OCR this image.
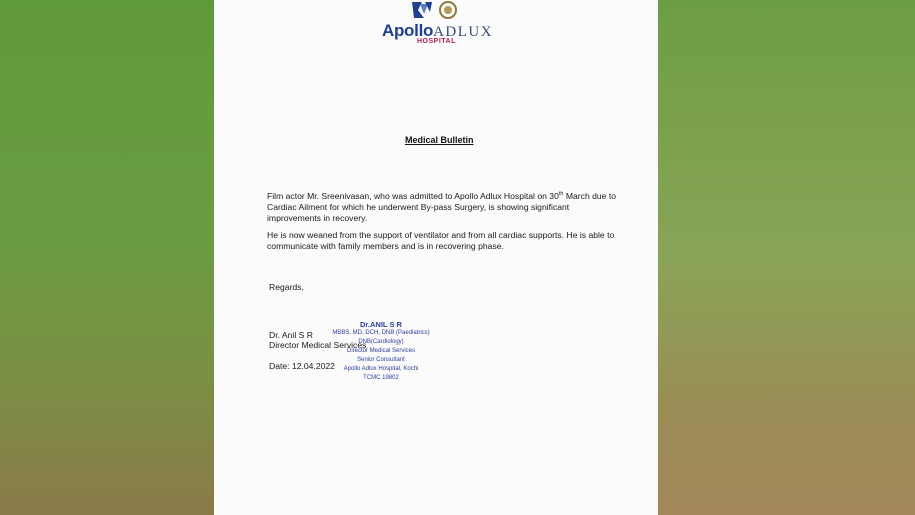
ApolloADLUX
HOSPITAL
Medical Bulletin
Film actor Mr. Sreenivasan, who was admitted to Apollo Adlux Hospital on 30th March due to Cardiac Ailment for which he underwent By-pass Surgery, is showing significant improvements in recovery.
He is now weaned from the support of ventilator and from all cardiac supports. He is able to communicate with family members and is in recovering phase.
Regards,
Dr. Anil S R
Director Medical Services
Date: 12.04.2022
Dr.ANIL S R
MBBS, MD, DCH, DNB (Paediatrics)
DNB(Cardiology)
Director Medical Services
Senior Consultant
Apollo Adlux Hospital, Kochi
TCMC 19802
